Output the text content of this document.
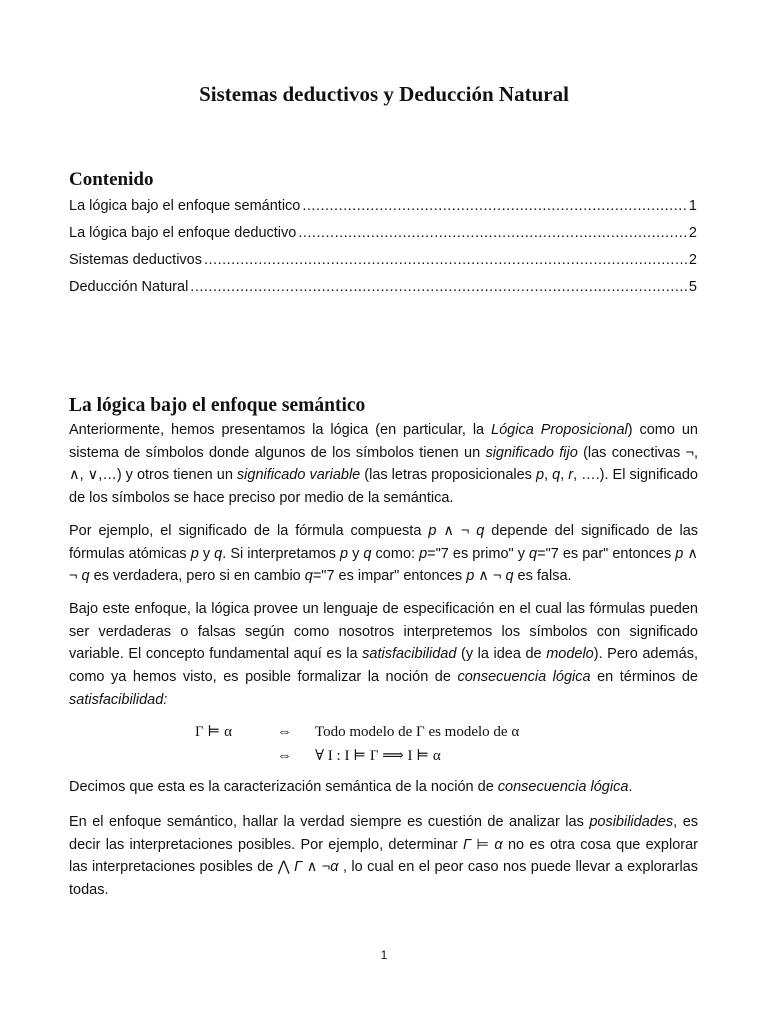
Sistemas deductivos y Deducción Natural
Contenido
La lógica bajo el enfoque semántico .....	1
La lógica bajo el enfoque deductivo .....	2
Sistemas deductivos .....	2
Deducción Natural .....	5
La lógica bajo el enfoque semántico

Anteriormente, hemos presentamos la lógica (en particular, la Lógica Proposicional) como un sistema de símbolos donde algunos de los símbolos tienen un significado fijo (las conectivas ¬, ∧, ∨,…) y otros tienen un significado variable (las letras proposicionales p, q, r, ….). El significado de los símbolos se hace preciso por medio de la semántica.

Por ejemplo, el significado de la fórmula compuesta p ∧ ¬ q depende del significado de las fórmulas atómicas p y q. Si interpretamos p y q como: p="7 es primo" y q="7 es par" entonces p ∧ ¬ q es verdadera, pero si en cambio q="7 es impar" entonces p ∧ ¬ q es falsa.

Bajo este enfoque, la lógica provee un lenguaje de especificación en el cual las fórmulas pueden ser verdaderas o falsas según como nosotros interpretemos los símbolos con significado variable. El concepto fundamental aquí es la satisfacibilidad (y la idea de modelo). Pero además, como ya hemos visto, es posible formalizar la noción de consecuencia lógica en términos de satisfacibilidad:

Γ ⊨ α	⇔	Todo modelo de Γ es modelo de α
⇔	∀ I : I ⊨ Γ ⟹ I ⊨ α

Decimos que esta es la caracterización semántica de la noción de consecuencia lógica.

En el enfoque semántico, hallar la verdad siempre es cuestión de analizar las posibilidades, es decir las interpretaciones posibles. Por ejemplo, determinar Γ ⊨ α no es otra cosa que explorar las interpretaciones posibles de ⋀ Γ ∧ ¬α , lo cual en el peor caso nos puede llevar a explorarlas todas.

1
